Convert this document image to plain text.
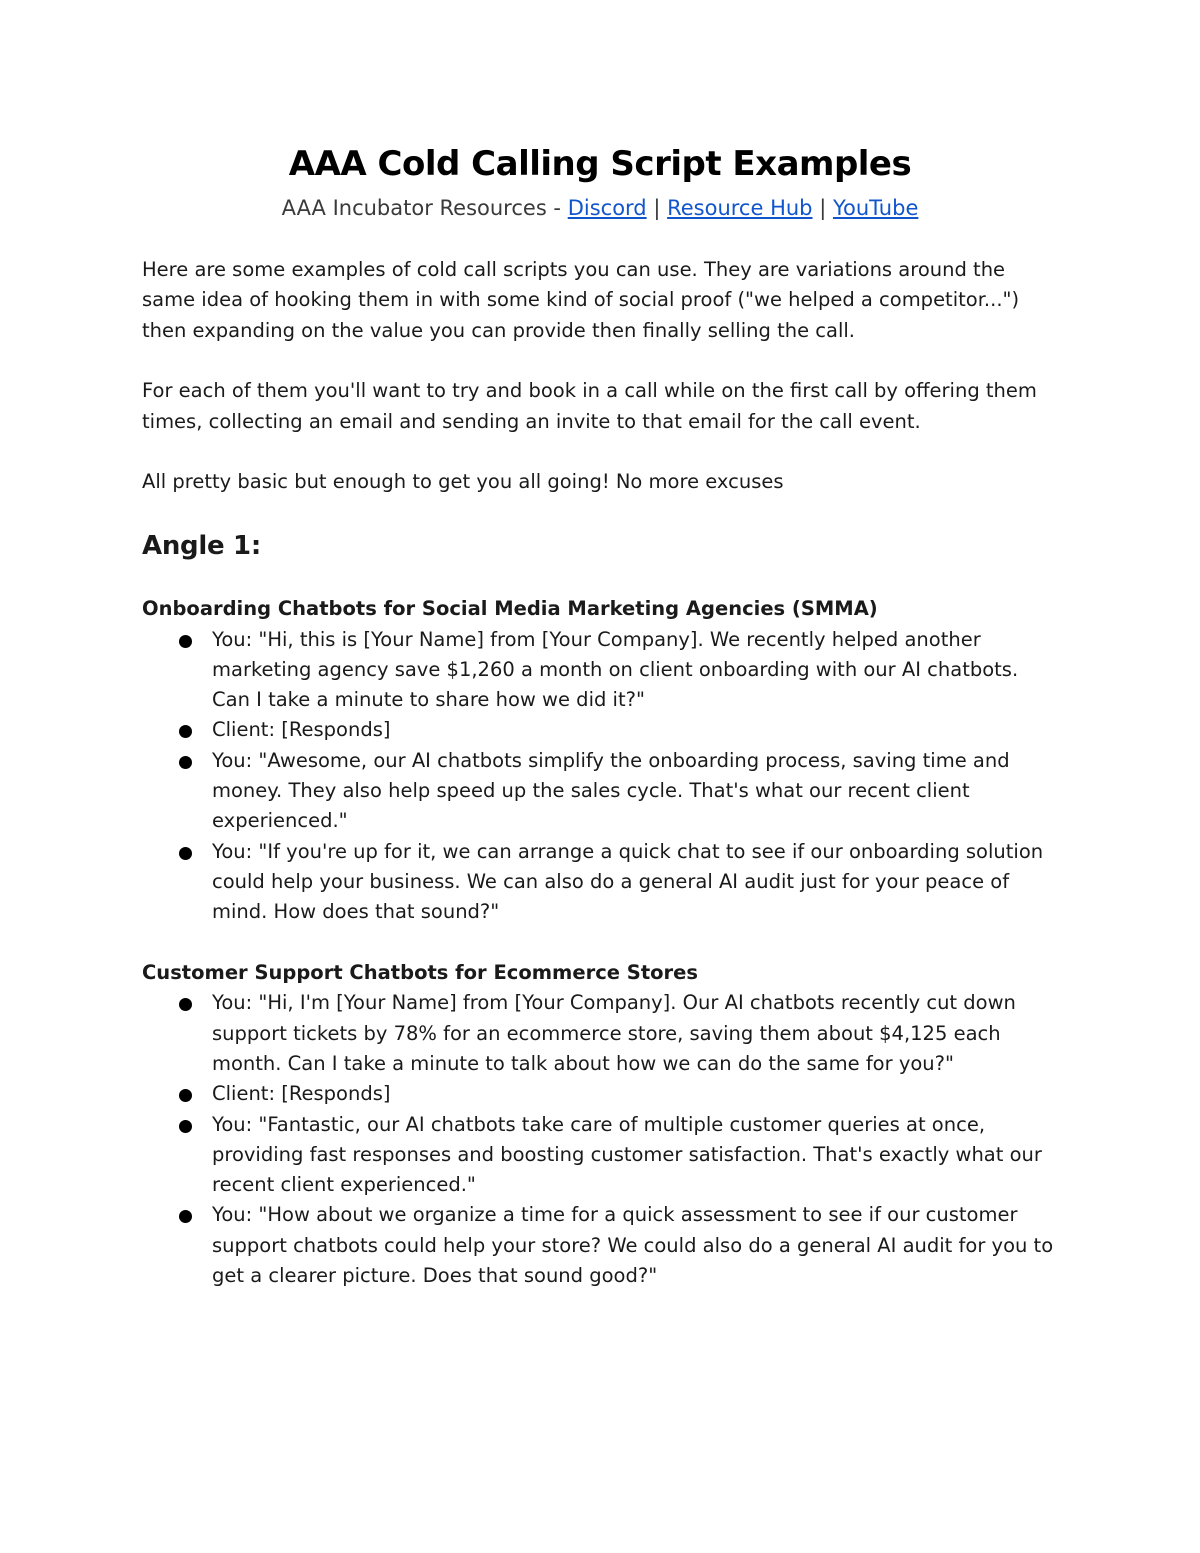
AAA Cold Calling Script Examples
AAA Incubator Resources - Discord | Resource Hub | YouTube

Here are some examples of cold call scripts you can use. They are variations around the same idea of hooking them in with some kind of social proof ("we helped a competitor...") then expanding on the value you can provide then finally selling the call.

For each of them you'll want to try and book in a call while on the first call by offering them times, collecting an email and sending an invite to that email for the call event.

All pretty basic but enough to get you all going! No more excuses

Angle 1:
Onboarding Chatbots for Social Media Marketing Agencies (SMMA)
You: "Hi, this is [Your Name] from [Your Company]. We recently helped another marketing agency save $1,260 a month on client onboarding with our AI chatbots. Can I take a minute to share how we did it?"
Client: [Responds]
You: "Awesome, our AI chatbots simplify the onboarding process, saving time and money. They also help speed up the sales cycle. That's what our recent client experienced."
You: "If you're up for it, we can arrange a quick chat to see if our onboarding solution could help your business. We can also do a general AI audit just for your peace of mind. How does that sound?"
Customer Support Chatbots for Ecommerce Stores
You: "Hi, I'm [Your Name] from [Your Company]. Our AI chatbots recently cut down support tickets by 78% for an ecommerce store, saving them about $4,125 each month. Can I take a minute to talk about how we can do the same for you?"
Client: [Responds]
You: "Fantastic, our AI chatbots take care of multiple customer queries at once, providing fast responses and boosting customer satisfaction. That's exactly what our recent client experienced."
You: "How about we organize a time for a quick assessment to see if our customer support chatbots could help your store? We could also do a general AI audit for you to get a clearer picture. Does that sound good?"
